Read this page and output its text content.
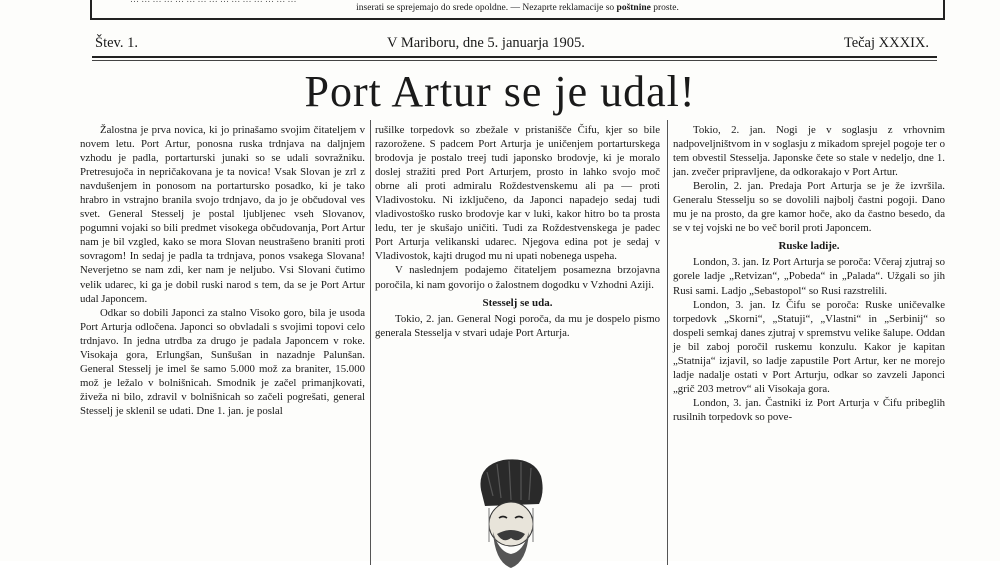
inserati se sprejemajo do srede opoldne. — Nezaprte reklamacije so poštnine proste.
Štev. 1.	V Mariboru, dne 5. januarja 1905.	Tečaj XXXIX.
Port Artur se je udal!

Žalostna je prva novica, ki jo prinašamo svojim čitateljem v novem letu. Port Artur, ponosna ruska trdnjava na daljnjem vzhodu je padla, portarturski junaki so se udali sovražniku. Pretresujoča in nepričakovana je ta novica! Vsak Slovan je zrl z navdušenjem in ponosom na portartursko posadko, ki je tako hrabro in vstrajno branila svojo trdnjavo, da jo je občudoval ves svet. General Stesselj je postal ljubljenec vseh Slovanov, pogumni vojaki so bili predmet visokega občudovanja, Port Artur nam je bil vzgled, kako se mora Slovan neustrašeno braniti proti sovragom! In sedaj je padla ta trdnjava, ponos vsakega Slovana! Neverjetno se nam zdi, ker nam je neljubo. Vsi Slovani čutimo velik udarec, ki ga je dobil ruski narod s tem, da se je Port Artur udal Japoncem.

Odkar so dobili Japonci za stalno Visoko goro, bila je usoda Port Arturja odločena. Japonci so obvladali s svojimi topovi celo trdnjavo. In jedna utrdba za drugo je padala Japoncem v roke. Visokaja gora, Erlungšan, Sunšušan in nazadnje Palunšan. General Stesselj je imel še samo 5.000 mož za braniter, 15.000 mož je ležalo v bolnišnicah. Smodnik je začel primanjkovati, živeža ni bilo, zdravil v bolnišnicah so začeli pogrešati, general Stesselj je sklenil se udati. Dne 1. jan. je poslal

rušilke torpedovk so zbežale v pristanišče Čifu, kjer so bile razorožene. S padcem Port Arturja je uničenjem portarturskega brodovja je postalo treej tudi japonsko brodovje, ki je moralo doslej stražiti pred Port Arturjem, prosto in lahko svojo moč obrne ali proti admiralu Roždestvenskemu ali pa — proti Vladivostoku. Ni izključeno, da Japonci napadejo sedaj tudi vladivostoško rusko brodovje kar v luki, kakor hitro bo ta prosta ledu, ter je skušajo uničiti. Tudi za Roždestvenskega je padec Port Arturja velikanski udarec. Njegova edina pot je sedaj v Vladivostok, kajti drugod mu ni upati nobenega uspeha.

V naslednjem podajemo čitateljem posamezna brzojavna poročila, ki nam govorijo o žalostnem dogodku v Vzhodni Aziji.

Stesselj se uda.

Tokio, 2. jan. General Nogi poroča, da mu je dospelo pismo generala Stesselja v stvari udaje Port Arturja.

Tokio, 2. jan. Nogi je v soglasju z vrhovnim nadpoveljništvom in v soglasju z mikadom sprejel pogoje ter o tem obvestil Stesselja. Japonske čete so stale v nedeljo, dne 1. jan. zvečer pripravljene, da odkorakajo v Port Artur.

Berolin, 2. jan. Predaja Port Arturja se je že izvršila. Generalu Stesselju so se dovolili najbolj častni pogoji. Dano mu je na prosto, da gre kamor hoče, ako da častno besedo, da se v tej vojski ne bo več boril proti Japoncem.

Ruske ladije.

London, 3. jan. Iz Port Arturja se poroča: Včeraj zjutraj so gorele ladje „Retvizan“, „Pobeda“ in „Palada“. Užgali so jih Rusi sami. Ladjo „Sebastopol“ so Rusi razstrelili.

London, 3. jan. Iz Čifu se poroča: Ruske uničevalke torpedovk „Skorni“, „Statuji“, „Vlastni“ in „Serbinij“ so dospeli semkaj danes zjutraj v spremstvu velike šalupe. Oddan je bil zaboj poročil ruskemu konzulu. Kakor je kapitan „Statnija“ izjavil, so ladje zapustile Port Artur, ker ne morejo ladje nadalje ostati v Port Arturju, odkar so zavzeli Japonci „grič 203 metrov“ ali Visokaja gora.

London, 3. jan. Častniki iz Port Arturja v Čifu pribeglih rusilnih torpedovk so pove-
